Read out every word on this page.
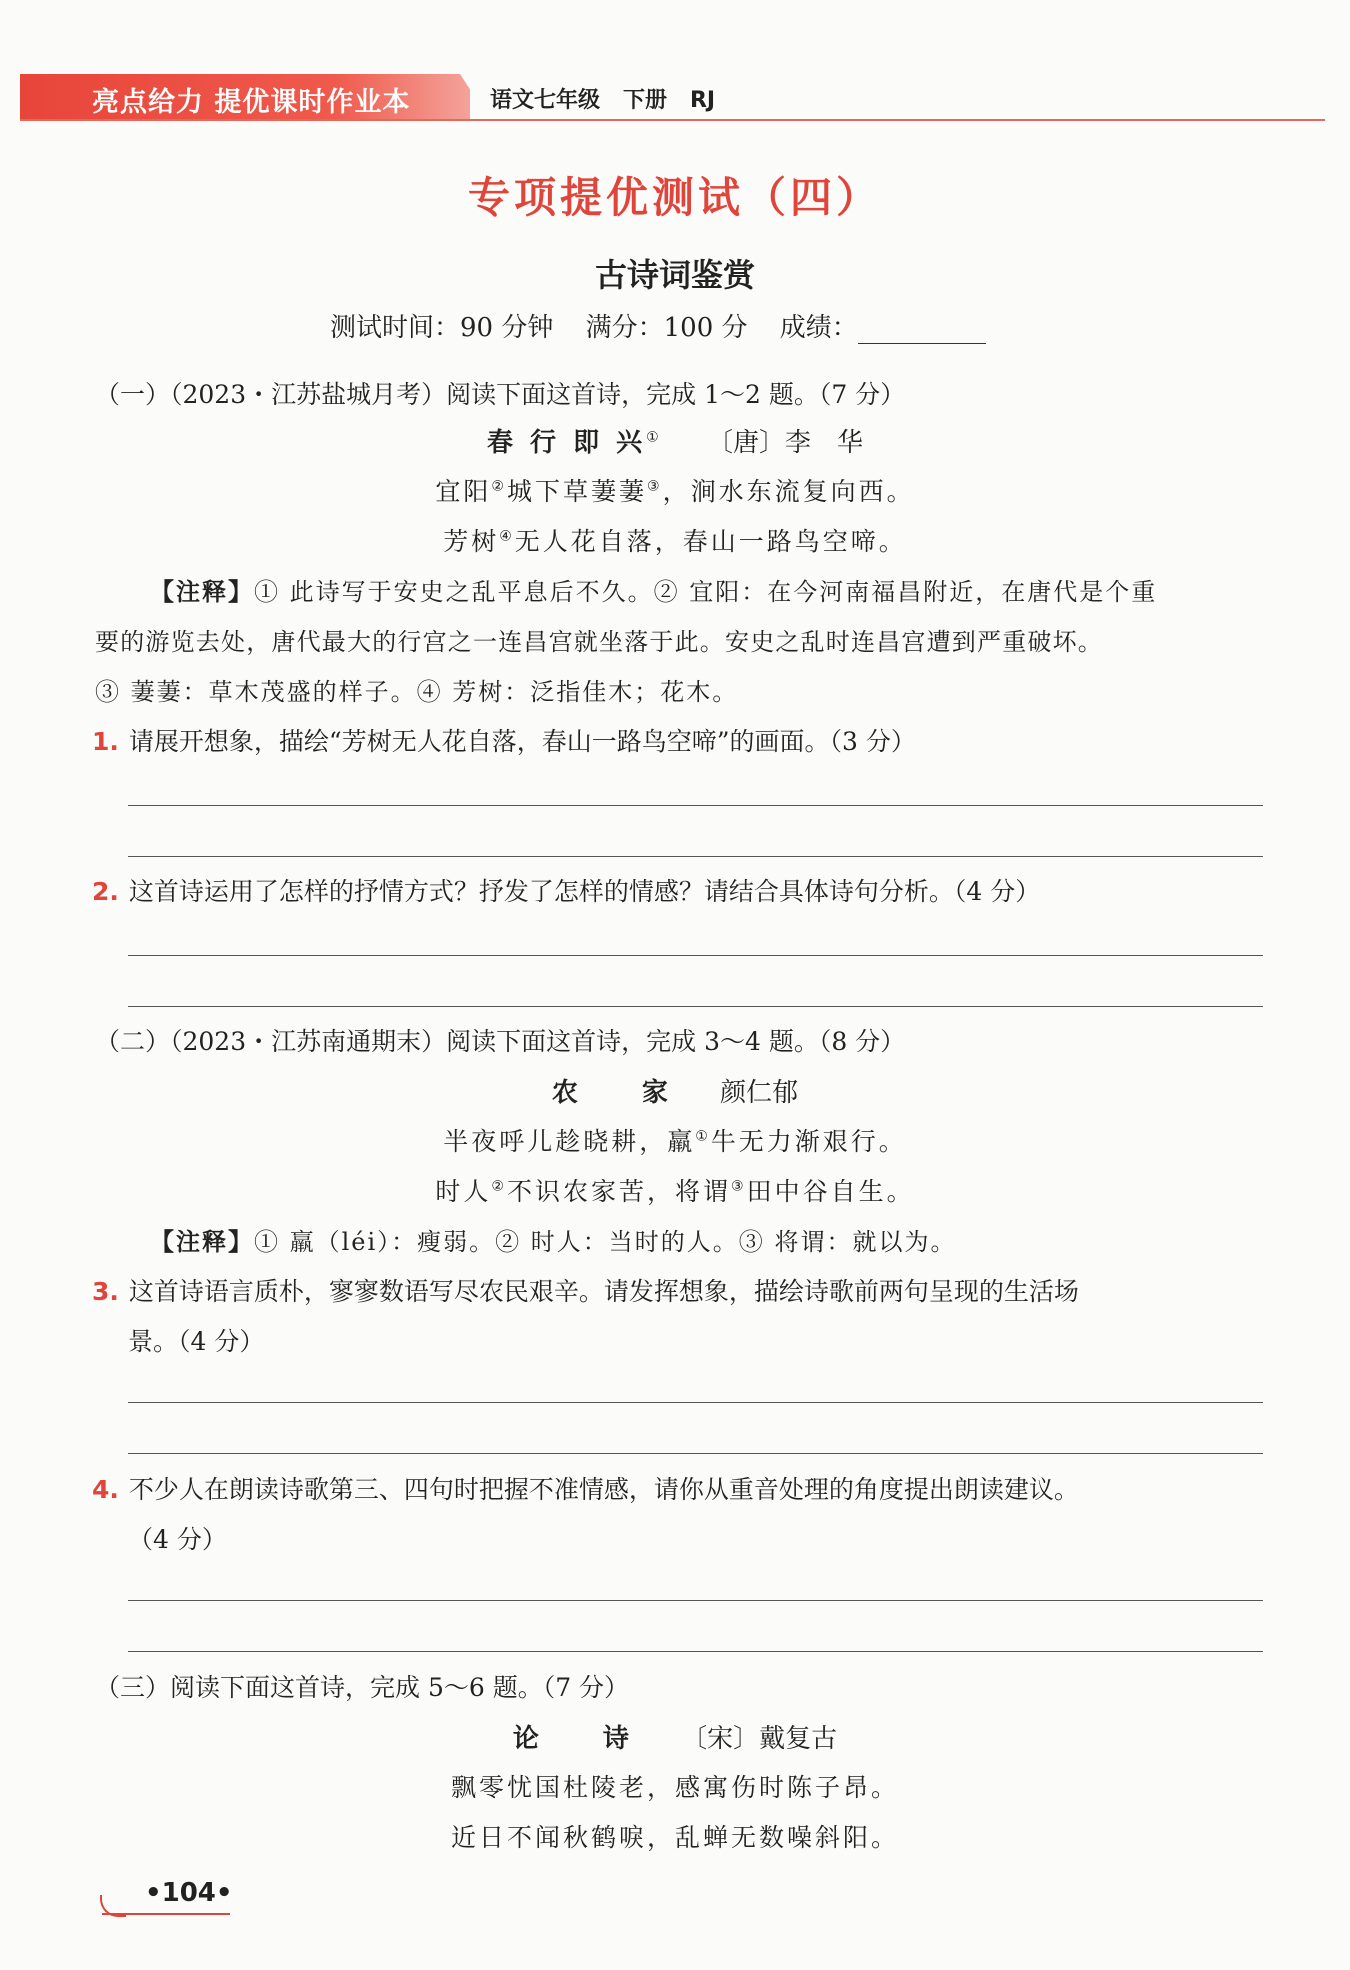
亮点给力 提优课时作业本	语文七年级   下册   RJ
专项提优测试（四）
古诗词鉴赏
测试时间：90 分钟 满分：100 分 成绩：
（一）（2023・江苏盐城月考）阅读下面这首诗，完成 1～2 题。（7 分）
春 行 即 兴① 〔唐〕李　华
宜阳②城下草萋萋③，涧水东流复向西。
芳树④无人花自落，春山一路鸟空啼。
【注释】① 此诗写于安史之乱平息后不久。② 宜阳：在今河南福昌附近，在唐代是个重
要的游览去处，唐代最大的行宫之一连昌宫就坐落于此。安史之乱时连昌宫遭到严重破坏。
③ 萋萋：草木茂盛的样子。④ 芳树：泛指佳木；花木。
1. 请展开想象，描绘“芳树无人花自落，春山一路鸟空啼”的画面。（3 分）
2. 这首诗运用了怎样的抒情方式？抒发了怎样的情感？请结合具体诗句分析。（4 分）
（二）（2023・江苏南通期末）阅读下面这首诗，完成 3～4 题。（8 分）
农　　家 颜仁郁
半夜呼儿趁晓耕，羸①牛无力渐艰行。
时人②不识农家苦，将谓③田中谷自生。
【注释】① 羸（léi）：瘦弱。② 时人：当时的人。③ 将谓：就以为。
3. 这首诗语言质朴，寥寥数语写尽农民艰辛。请发挥想象，描绘诗歌前两句呈现的生活场
景。（4 分）
4. 不少人在朗读诗歌第三、四句时把握不准情感，请你从重音处理的角度提出朗读建议。
（4 分）
（三）阅读下面这首诗，完成 5～6 题。（7 分）
论　　诗 〔宋〕戴复古
飘零忧国杜陵老，感寓伤时陈子昂。
近日不闻秋鹤唳，乱蝉无数噪斜阳。
•104•
